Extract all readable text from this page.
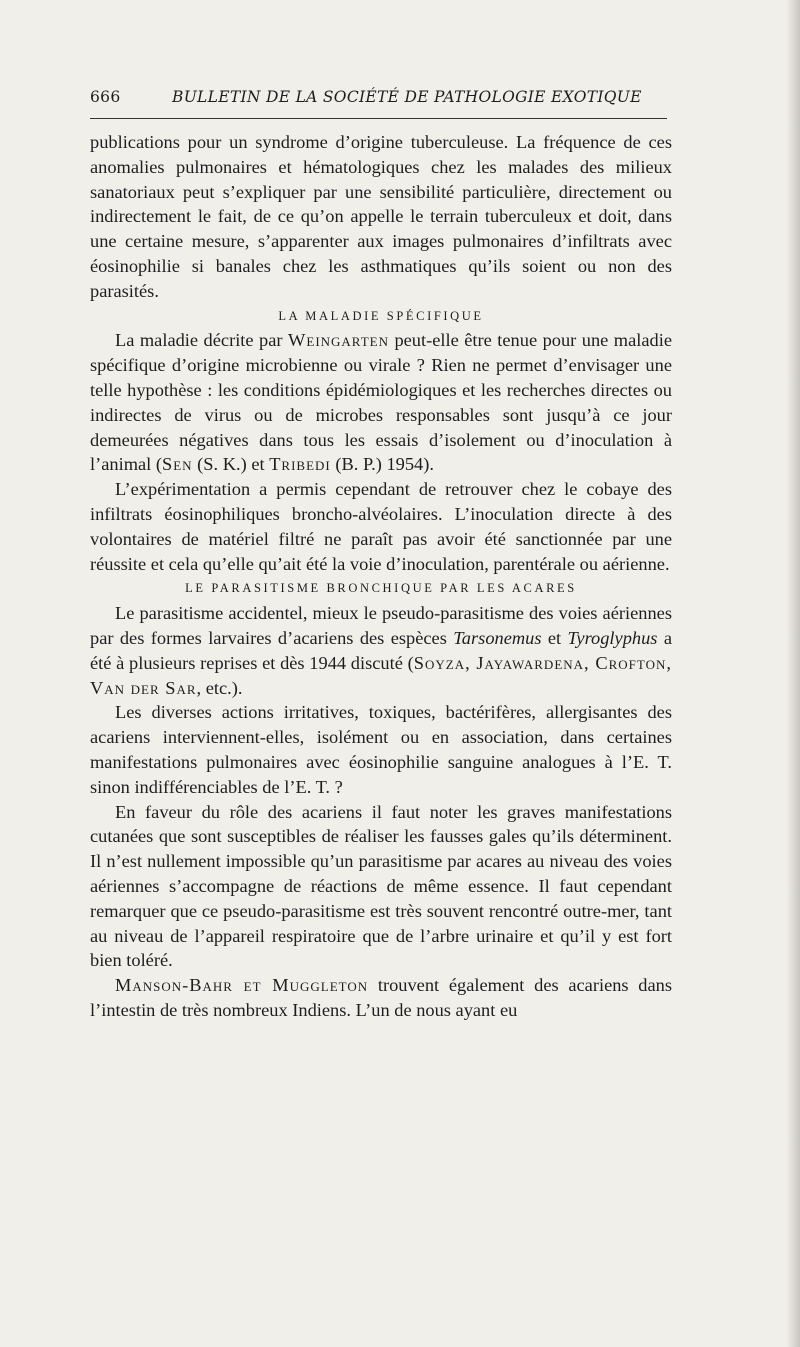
666	BULLETIN DE LA SOCIÉTÉ DE PATHOLOGIE EXOTIQUE

publications pour un syndrome d’origine tuberculeuse. La fréquence de ces anomalies pulmonaires et hématologiques chez les malades des milieux sanatoriaux peut s’expliquer par une sensibilité particulière, directement ou indirectement le fait, de ce qu’on appelle le terrain tuberculeux et doit, dans une certaine mesure, s’apparenter aux images pulmonaires d’infiltrats avec éosinophilie si banales chez les asthmatiques qu’ils soient ou non des parasités.

LA MALADIE SPÉCIFIQUE

La maladie décrite par Weingarten peut-elle être tenue pour une maladie spécifique d’origine microbienne ou virale ? Rien ne permet d’envisager une telle hypothèse : les conditions épidémiologiques et les recherches directes ou indirectes de virus ou de microbes responsables sont jusqu’à ce jour demeurées négatives dans tous les essais d’isolement ou d’inoculation à l’animal (Sen (S. K.) et Tribedi (B. P.) 1954).

L’expérimentation a permis cependant de retrouver chez le cobaye des infiltrats éosinophiliques broncho-alvéolaires. L’inoculation directe à des volontaires de matériel filtré ne paraît pas avoir été sanctionnée par une réussite et cela qu’elle qu’ait été la voie d’inoculation, parentérale ou aérienne.

LE PARASITISME BRONCHIQUE PAR LES ACARES

Le parasitisme accidentel, mieux le pseudo-parasitisme des voies aériennes par des formes larvaires d’acariens des espèces Tarsonemus et Tyroglyphus a été à plusieurs reprises et dès 1944 discuté (Soyza, Jayawardena, Crofton, Van der Sar, etc.).

Les diverses actions irritatives, toxiques, bactérifères, allergisantes des acariens interviennent-elles, isolément ou en association, dans certaines manifestations pulmonaires avec éosinophilie sanguine analogues à l’E. T. sinon indifférenciables de l’E. T. ?

En faveur du rôle des acariens il faut noter les graves manifestations cutanées que sont susceptibles de réaliser les fausses gales qu’ils déterminent. Il n’est nullement impossible qu’un parasitisme par acares au niveau des voies aériennes s’accompagne de réactions de même essence. Il faut cependant remarquer que ce pseudo-parasitisme est très souvent rencontré outre-mer, tant au niveau de l’appareil respiratoire que de l’arbre urinaire et qu’il y est fort bien toléré.

Manson-Bahr et Muggleton trouvent également des acariens dans l’intestin de très nombreux Indiens. L’un de nous ayant eu
